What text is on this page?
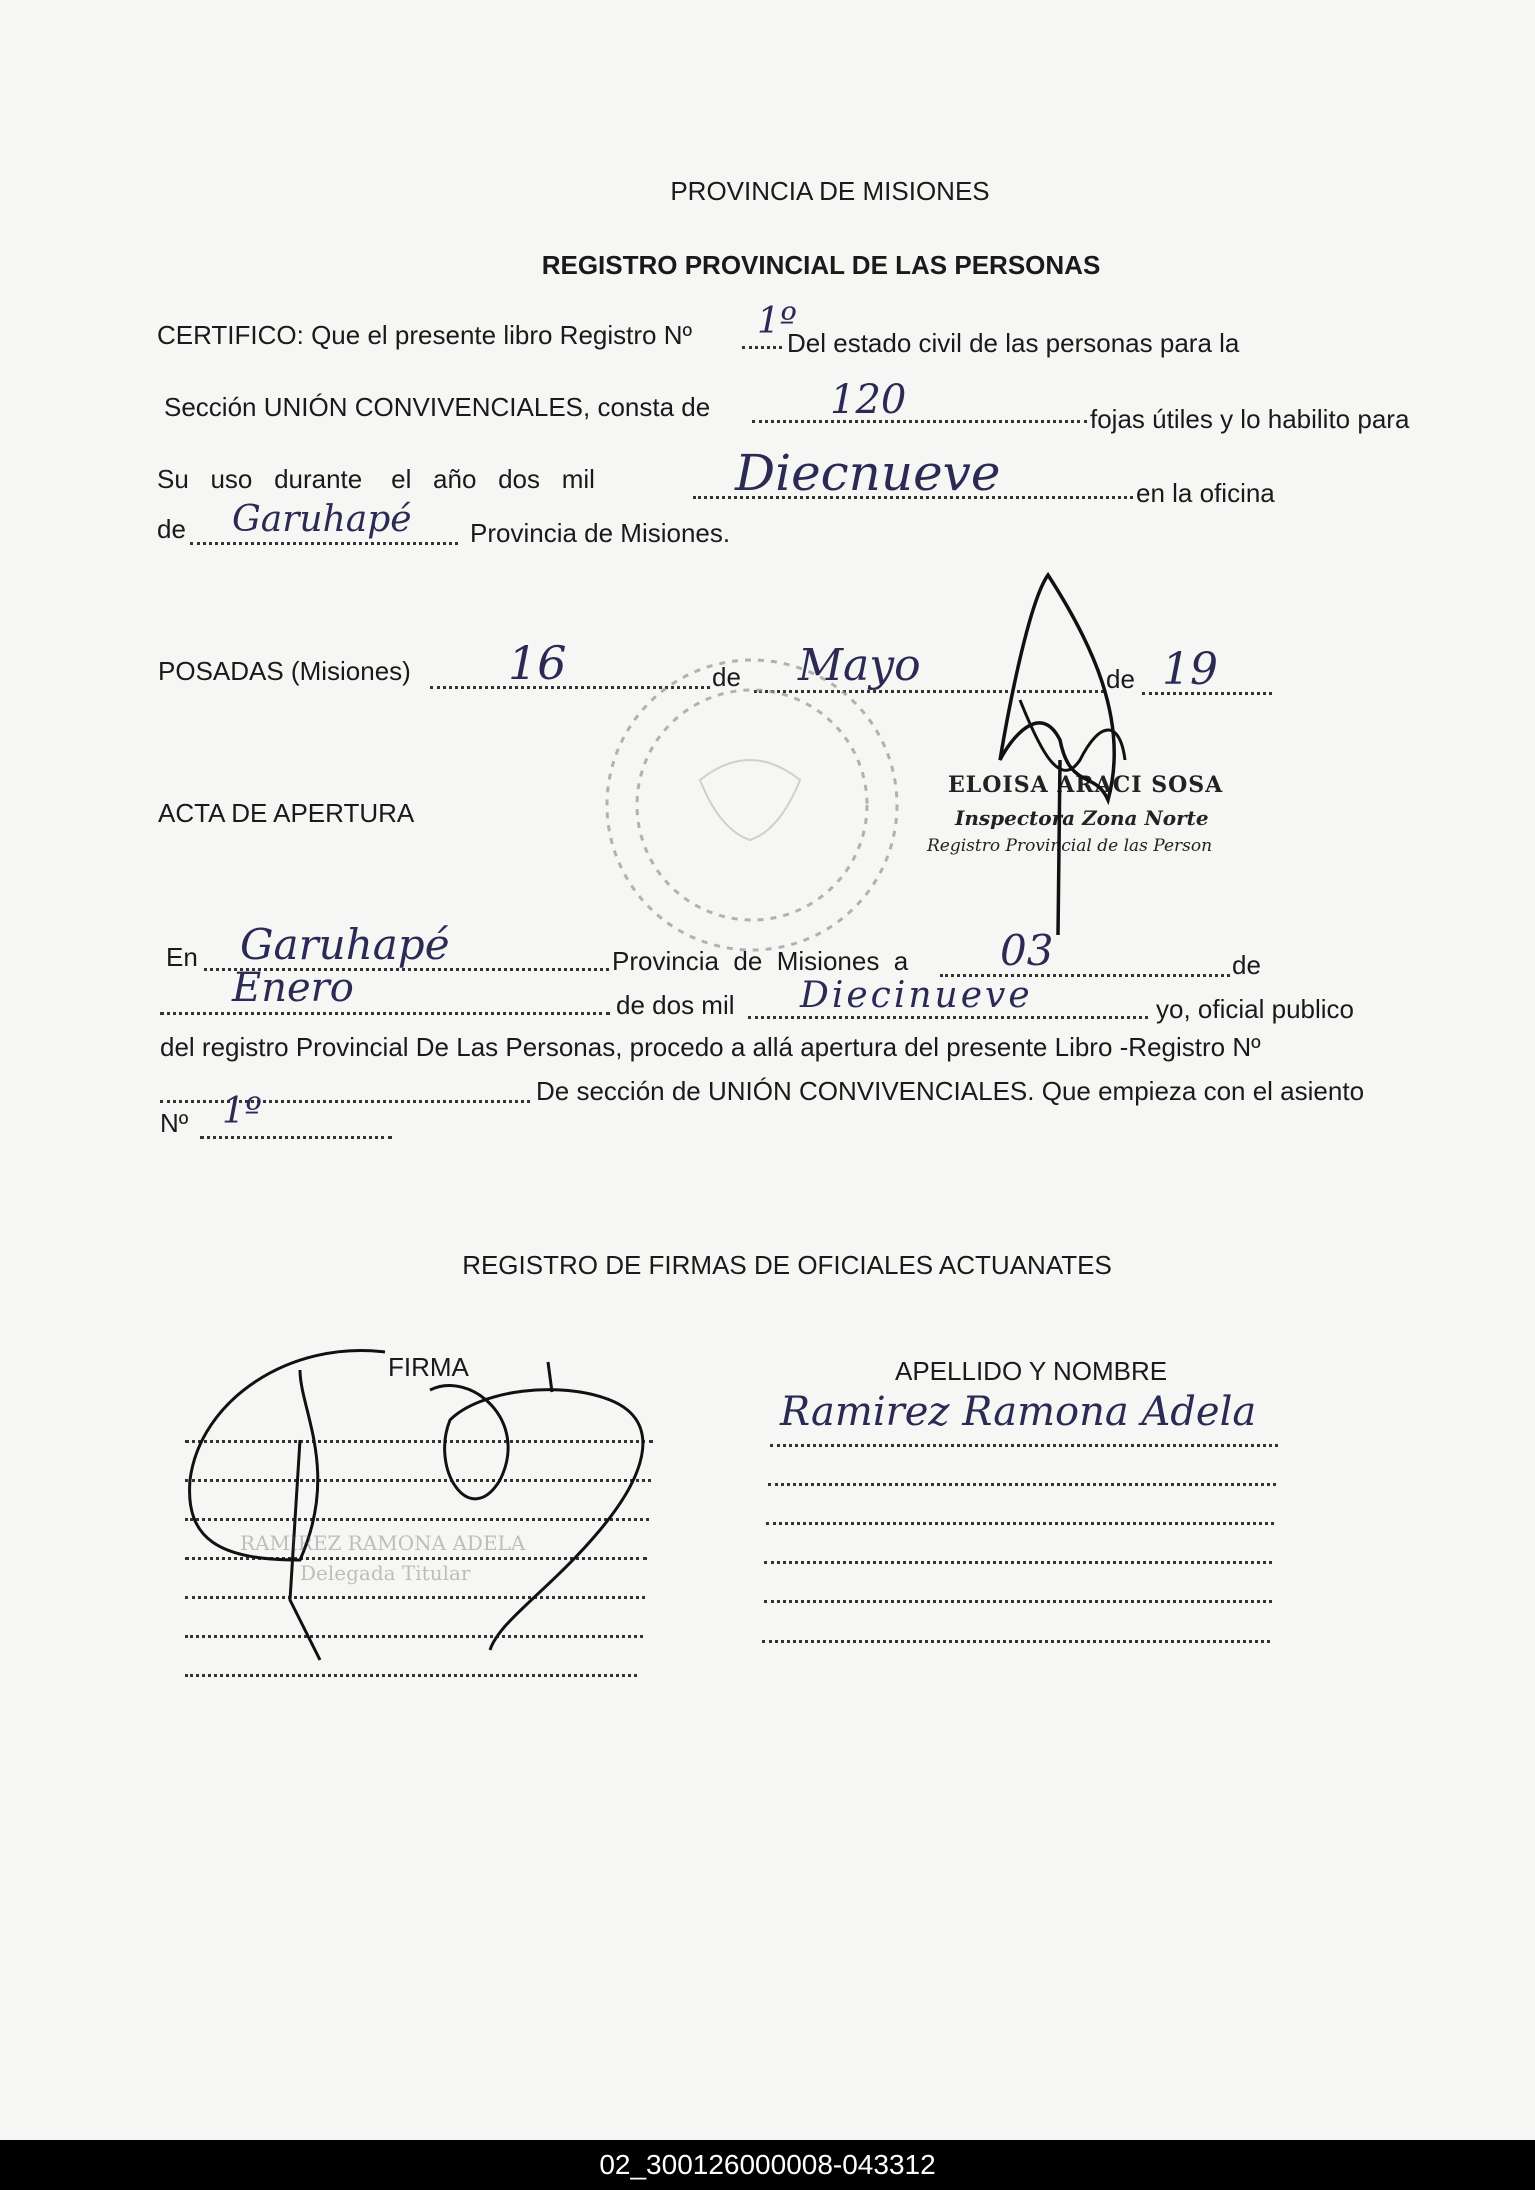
PROVINCIA DE MISIONES
REGISTRO PROVINCIAL DE LAS PERSONAS
CERTIFICO: Que el presente libro Registro Nº 1º
Del estado civil de las personas para la
Sección UNIÓN CONVIVENCIALES, consta de	120	fojas útiles y lo habilito para
Su   uso   durante    el   año   dos   mil	Diecnueve	en la oficina
de Garuhapé Provincia de Misiones.
POSADAS (Misiones) 16	de Mayo	de 19
ACTA DE APERTURA
ELOISA ARACI SOSA
Inspectora Zona Norte
Registro Provincial de las Person
En Garuhapé	Provincia  de  Misiones  a 03	de
Enero	de dos mil Diecinueve	yo, oficial publico
del registro Provincial De Las Personas, procedo a allá apertura del presente Libro -Registro Nº
De sección de UNIÓN CONVIVENCIALES. Que empieza con el asiento
Nº 1º
REGISTRO DE FIRMAS DE OFICIALES ACTUANATES
FIRMA	APELLIDO Y NOMBRE
Ramirez Ramona Adela
RAMIREZ RAMONA ADELA
Delegada Titular
02_300126000008-043312
